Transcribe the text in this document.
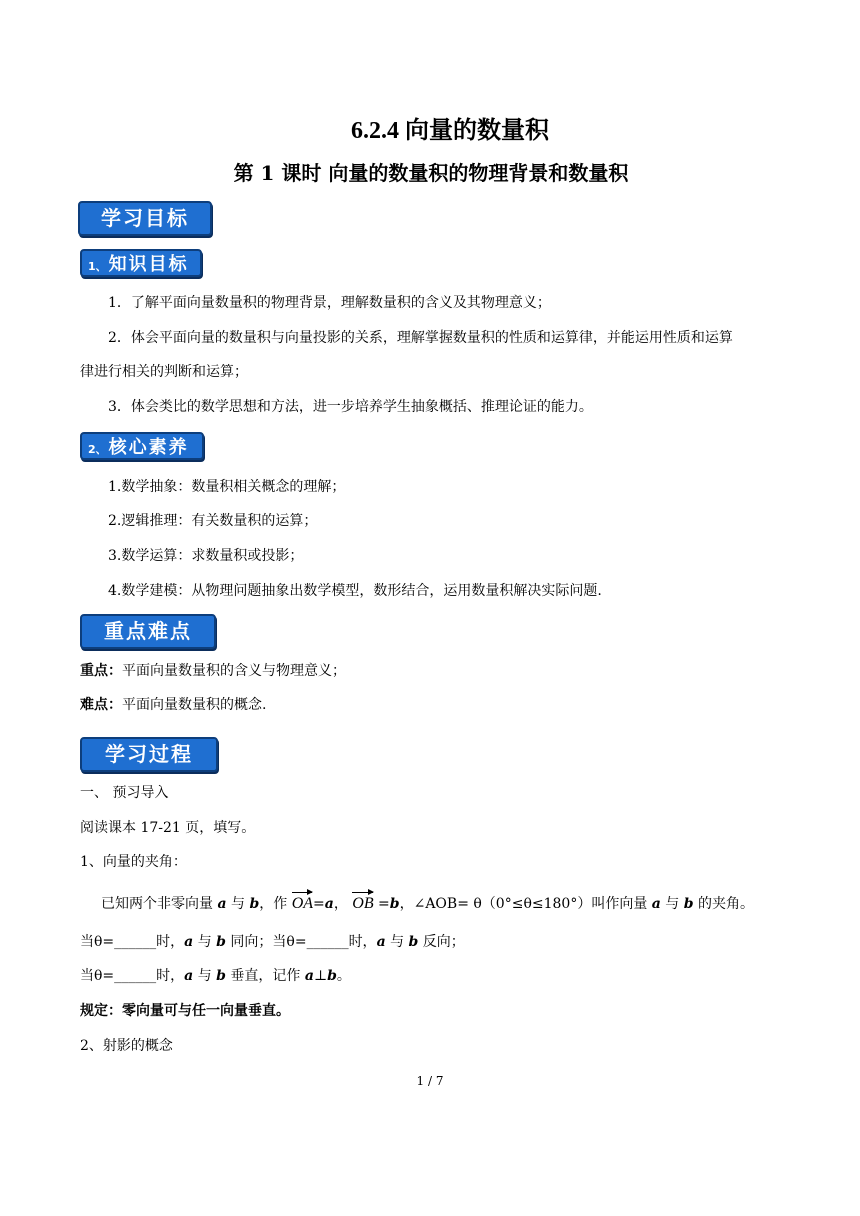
6.2.4 向量的数量积
第 1 课时 向量的数量积的物理背景和数量积
学习目标
1、 知识目标
1．了解平面向量数量积的物理背景，理解数量积的含义及其物理意义；
2．体会平面向量的数量积与向量投影的关系，理解掌握数量积的性质和运算律，并能运用性质和运算
律进行相关的判断和运算；
3．体会类比的数学思想和方法，进一步培养学生抽象概括、推理论证的能力。
2、 核心素养
1.数学抽象：数量积相关概念的理解；
2.逻辑推理：有关数量积的运算；
3.数学运算：求数量积或投影；
4.数学建模：从物理问题抽象出数学模型，数形结合，运用数量积解决实际问题.
重点难点
重点：平面向量数量积的含义与物理意义；
难点：平面向量数量积的概念.
学习过程
一、 预习导入
阅读课本 17-21 页，填写。
1、向量的夹角：
已知两个非零向量 a 与 b，作 OA=a， OB =b，∠AOB= θ（0°≤θ≤180°）叫作向量 a 与 b 的夹角。
当θ=______时，a 与 b 同向；当θ=______时，a 与 b 反向；
当θ=______时，a 与 b 垂直，记作 a⊥b。
规定：零向量可与任一向量垂直。
2、射影的概念
1 / 7
